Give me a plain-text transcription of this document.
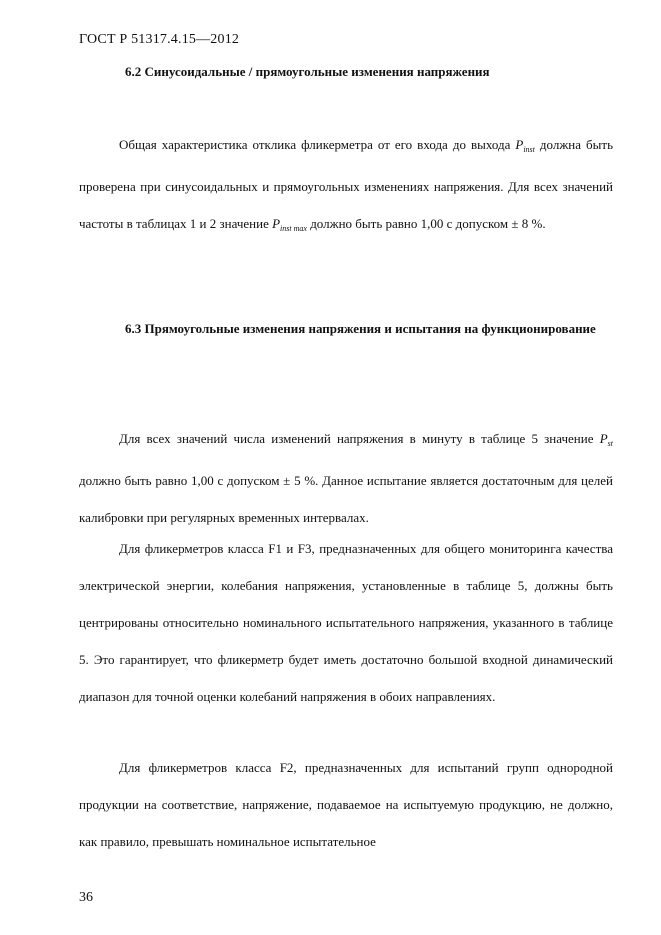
ГОСТ Р 51317.4.15—2012
6.2 Синусоидальные / прямоугольные изменения напряжения
Общая характеристика отклика фликерметра от его входа до выхода $P_{inst}$ должна быть проверена при синусоидальных и прямоугольных изменениях напряжения. Для всех значений частоты в таблицах 1 и 2 значение $P_{inst max}$ должно быть равно 1,00 с допуском ± 8 %.
6.3 Прямоугольные изменения напряжения и испытания на функционирование
Для всех значений числа изменений напряжения в минуту в таблице 5 значение $P_{st}$ должно быть равно 1,00 с допуском ± 5 %. Данное испытание является достаточным для целей калибровки при регулярных временных интервалах.
Для фликерметров класса F1 и F3, предназначенных для общего мониторинга качества электрической энергии, колебания напряжения, установленные в таблице 5, должны быть центрированы относительно номинального испытательного напряжения, указанного в таблице 5. Это гарантирует, что фликерметр будет иметь достаточно большой входной динамический диапазон для точной оценки колебаний напряжения в обоих направлениях.
Для фликерметров класса F2, предназначенных для испытаний групп однородной продукции на соответствие, напряжение, подаваемое на испытуемую продукцию, не должно, как правило, превышать номинальное испытательное
36
